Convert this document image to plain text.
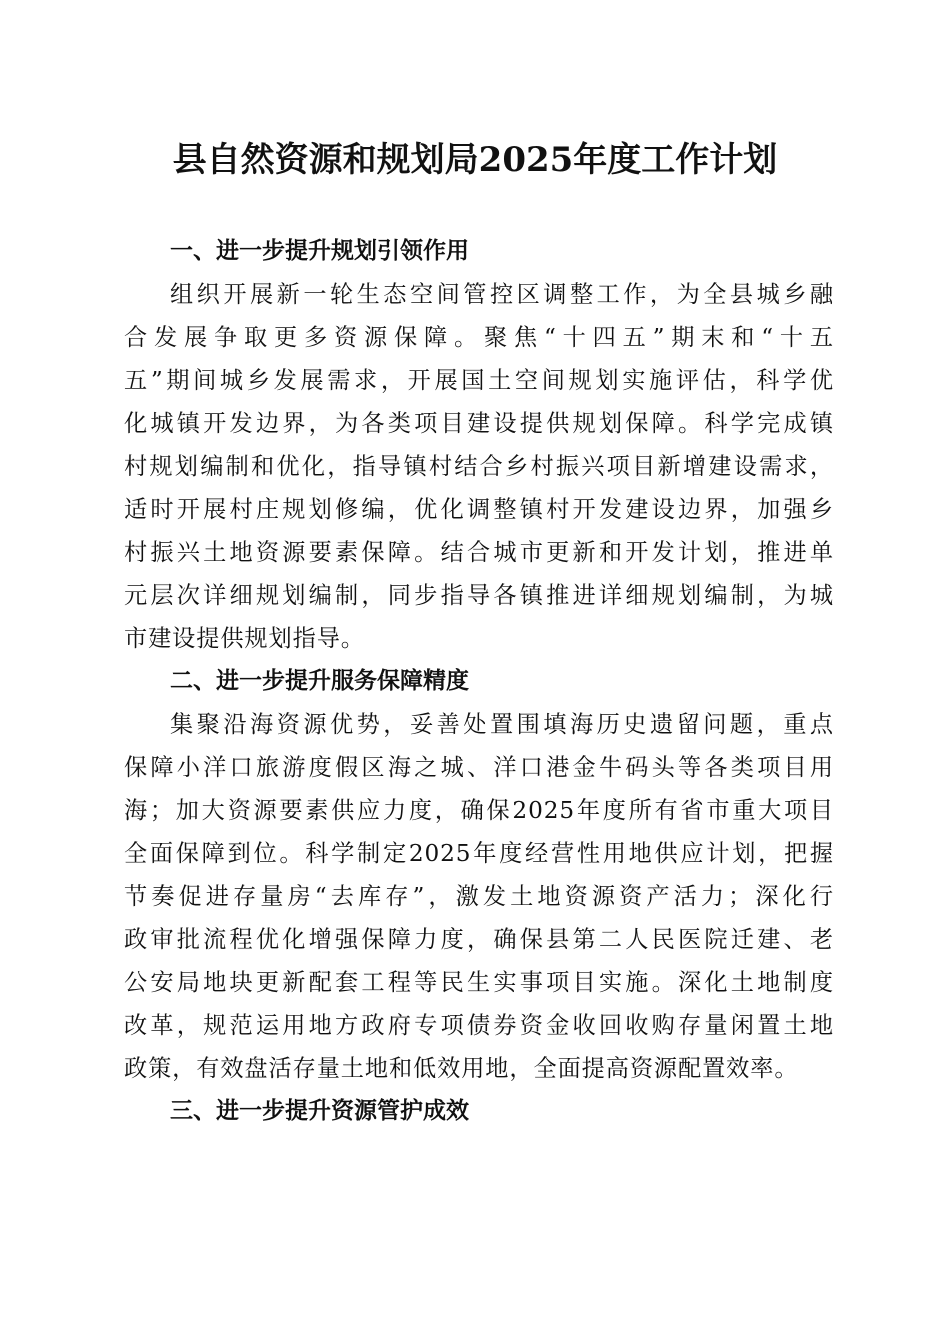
县自然资源和规划局2025年度工作计划

一、进一步提升规划引领作用

组织开展新一轮生态空间管控区调整工作，为全县城乡融

合发展争取更多资源保障。聚焦“十四五”期末和“十五

五”期间城乡发展需求，开展国土空间规划实施评估，科学优

化城镇开发边界，为各类项目建设提供规划保障。科学完成镇

村规划编制和优化，指导镇村结合乡村振兴项目新增建设需求，

适时开展村庄规划修编，优化调整镇村开发建设边界，加强乡

村振兴土地资源要素保障。结合城市更新和开发计划，推进单

元层次详细规划编制，同步指导各镇推进详细规划编制，为城

市建设提供规划指导。

二、进一步提升服务保障精度

集聚沿海资源优势，妥善处置围填海历史遗留问题，重点

保障小洋口旅游度假区海之城、洋口港金牛码头等各类项目用

海；加大资源要素供应力度，确保2025年度所有省市重大项目

全面保障到位。科学制定2025年度经营性用地供应计划，把握

节奏促进存量房“去库存”，激发土地资源资产活力；深化行

政审批流程优化增强保障力度，确保县第二人民医院迁建、老

公安局地块更新配套工程等民生实事项目实施。深化土地制度

改革，规范运用地方政府专项债券资金收回收购存量闲置土地

政策，有效盘活存量土地和低效用地，全面提高资源配置效率。

三、进一步提升资源管护成效
